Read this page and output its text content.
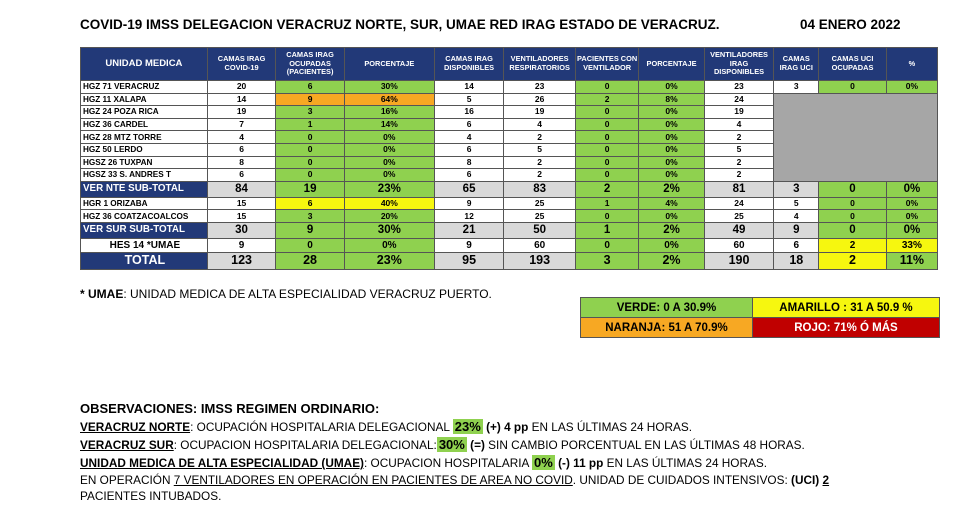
COVID-19 IMSS DELEGACION VERACRUZ NORTE, SUR, UMAE RED IRAG ESTADO DE VERACRUZ.	04 ENERO 2022
UNIDAD MEDICA	CAMAS IRAG COVID-19	CAMAS IRAG OCUPADAS (PACIENTES)	PORCENTAJE	CAMAS IRAG DISPONIBLES	VENTILADORES RESPIRATORIOS	PACIENTES CON VENTILADOR	PORCENTAJE	VENTILADORES IRAG DISPONIBLES	CAMAS IRAG UCI	CAMAS UCI OCUPADAS	%
HGZ 71 VERACRUZ	20	6	30%	14	23	0	0%	23	3	0	0%
HGZ 11 XALAPA	14	9	64%	5	26	2	8%	24			
HGZ 24 POZA RICA	19	3	16%	16	19	0	0%	19			
HGZ 36 CARDEL	7	1	14%	6	4	0	0%	4			
HGZ 28 MTZ TORRE	4	0	0%	4	2	0	0%	2			
HGZ 50 LERDO	6	0	0%	6	5	0	0%	5			
HGSZ 26 TUXPAN	8	0	0%	8	2	0	0%	2			
HGSZ 33 S. ANDRES T	6	0	0%	6	2	0	0%	2			
VER NTE SUB-TOTAL	84	19	23%	65	83	2	2%	81	3	0	0%
HGR 1 ORIZABA	15	6	40%	9	25	1	4%	24	5	0	0%
HGZ 36 COATZACOALCOS	15	3	20%	12	25	0	0%	25	4	0	0%
VER SUR SUB-TOTAL	30	9	30%	21	50	1	2%	49	9	0	0%
HES 14 *UMAE	9	0	0%	9	60	0	0%	60	6	2	33%
TOTAL	123	28	23%	95	193	3	2%	190	18	2	11%
* UMAE: UNIDAD MEDICA DE ALTA ESPECIALIDAD VERACRUZ PUERTO.
VERDE: 0 A 30.9%	AMARILLO : 31 A 50.9 %
NARANJA: 51 A 70.9%	ROJO: 71% Ó MÁS
OBSERVACIONES: IMSS REGIMEN ORDINARIO:
VERACRUZ NORTE: OCUPACIÓN HOSPITALARIA DELEGACIONAL 23% (+) 4 pp EN LAS ÚLTIMAS 24 HORAS.
VERACRUZ SUR: OCUPACION HOSPITALARIA DELEGACIONAL: 30% (=) SIN CAMBIO PORCENTUAL EN LAS ÚLTIMAS 48 HORAS.
UNIDAD MEDICA DE ALTA ESPECIALIDAD (UMAE): OCUPACION HOSPITALARIA 0% (-) 11 pp EN LAS ÚLTIMAS 24 HORAS.
EN OPERACIÓN 7 VENTILADORES EN OPERACIÓN EN PACIENTES DE AREA NO COVID. UNIDAD DE CUIDADOS INTENSIVOS: (UCI) 2
PACIENTES INTUBADOS.
